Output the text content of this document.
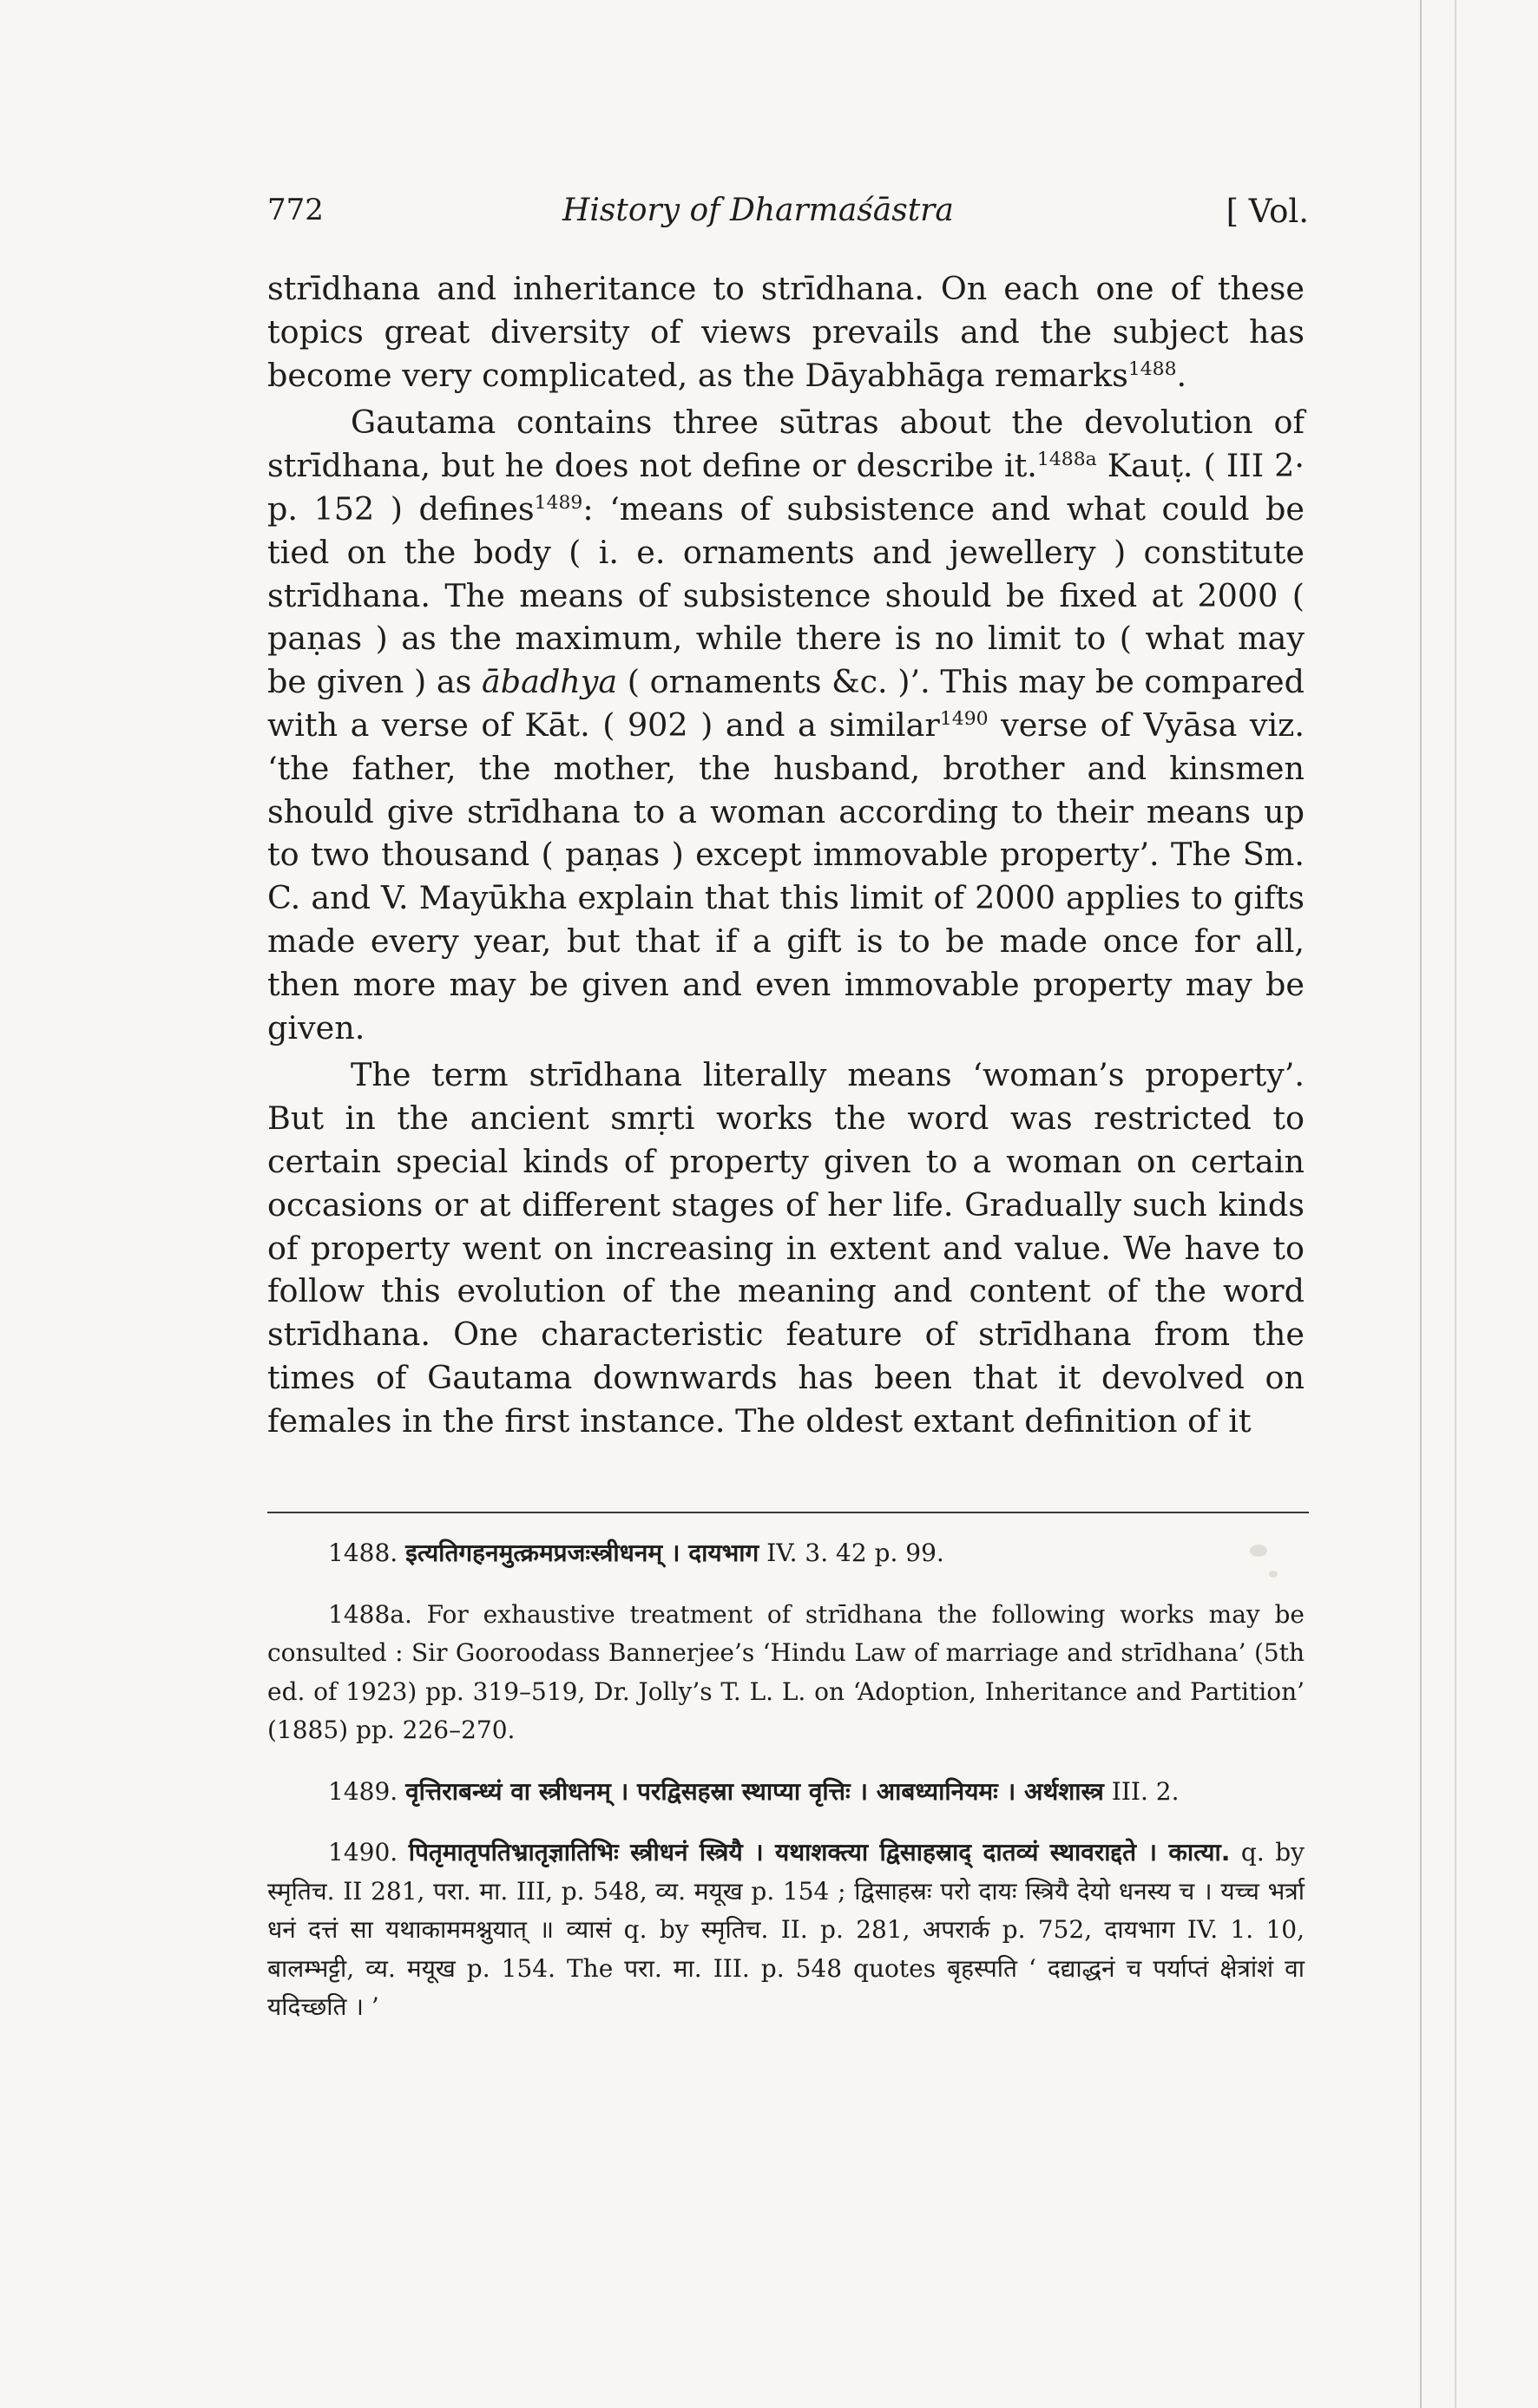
772	History of Dharmaśāstra	[ Vol.

strīdhana and inheritance to strīdhana. On each one of these topics great diversity of views prevails and the subject has become very complicated, as the Dāyabhāga remarks$^{1488}$.

Gautama contains three sūtras about the devolution of strīdhana, but he does not define or describe it.$^{1488a}$ Kauṭ. ( III 2· p. 152 ) defines$^{1489}$: ‘means of subsistence and what could be tied on the body ( i. e. ornaments and jewellery ) constitute strīdhana. The means of subsistence should be fixed at 2000 ( paṇas ) as the maximum, while there is no limit to ( what may be given ) as ābadhya ( ornaments &c. )’. This may be compared with a verse of Kāt. ( 902 ) and a similar$^{1490}$ verse of Vyāsa viz. ‘the father, the mother, the husband, brother and kinsmen should give strīdhana to a woman according to their means up to two thousand ( paṇas ) except immovable property’. The Sm. C. and V. Mayūkha explain that this limit of 2000 applies to gifts made every year, but that if a gift is to be made once for all, then more may be given and even immovable property may be given.

The term strīdhana literally means ‘woman’s property’. But in the ancient smṛti works the word was restricted to certain special kinds of property given to a woman on certain occasions or at different stages of her life. Gradually such kinds of property went on increasing in extent and value. We have to follow this evolution of the meaning and content of the word strīdhana. One characteristic feature of strīdhana from the times of Gautama downwards has been that it devolved on females in the first instance. The oldest extant definition of it

1488. इत्यतिगहनमुत्क्रमप्रजःस्त्रीधनम् । दायभाग IV. 3. 42 p. 99.

1488a. For exhaustive treatment of strīdhana the following works may be consulted : Sir Gooroodass Bannerjee’s ‘Hindu Law of marriage and strīdhana’ (5th ed. of 1923) pp. 319–519, Dr. Jolly’s T. L. L. on ‘Adoption, Inheritance and Partition’ (1885) pp. 226–270.

1489. वृत्तिराबन्ध्यं वा स्त्रीधनम् । परद्विसहस्रा स्थाप्या वृत्तिः । आबध्यानियमः । अर्थशास्त्र III. 2.

1490. पितृमातृपतिभ्रातृज्ञातिभिः स्त्रीधनं स्त्रियै । यथाशक्त्या द्विसाहस्राद् दातव्यं स्थावराद्दते । कात्या. q. by स्मृतिच. II 281, परा. मा. III, p. 548, व्य. मयूख p. 154 ; द्विसाहस्रः परो दायः स्त्रियै देयो धनस्य च । यच्च भर्त्रा धनं दत्तं सा यथाकाममश्नुयात् ॥ व्यासं q. by स्मृतिच. II. p. 281, अपरार्क p. 752, दायभाग IV. 1. 10, बालम्भट्टी, व्य. मयूख p. 154. The परा. मा. III. p. 548 quotes बृहस्पति ‘ दद्याद्धनं च पर्याप्तं क्षेत्रांशं वा यदिच्छति । ’
